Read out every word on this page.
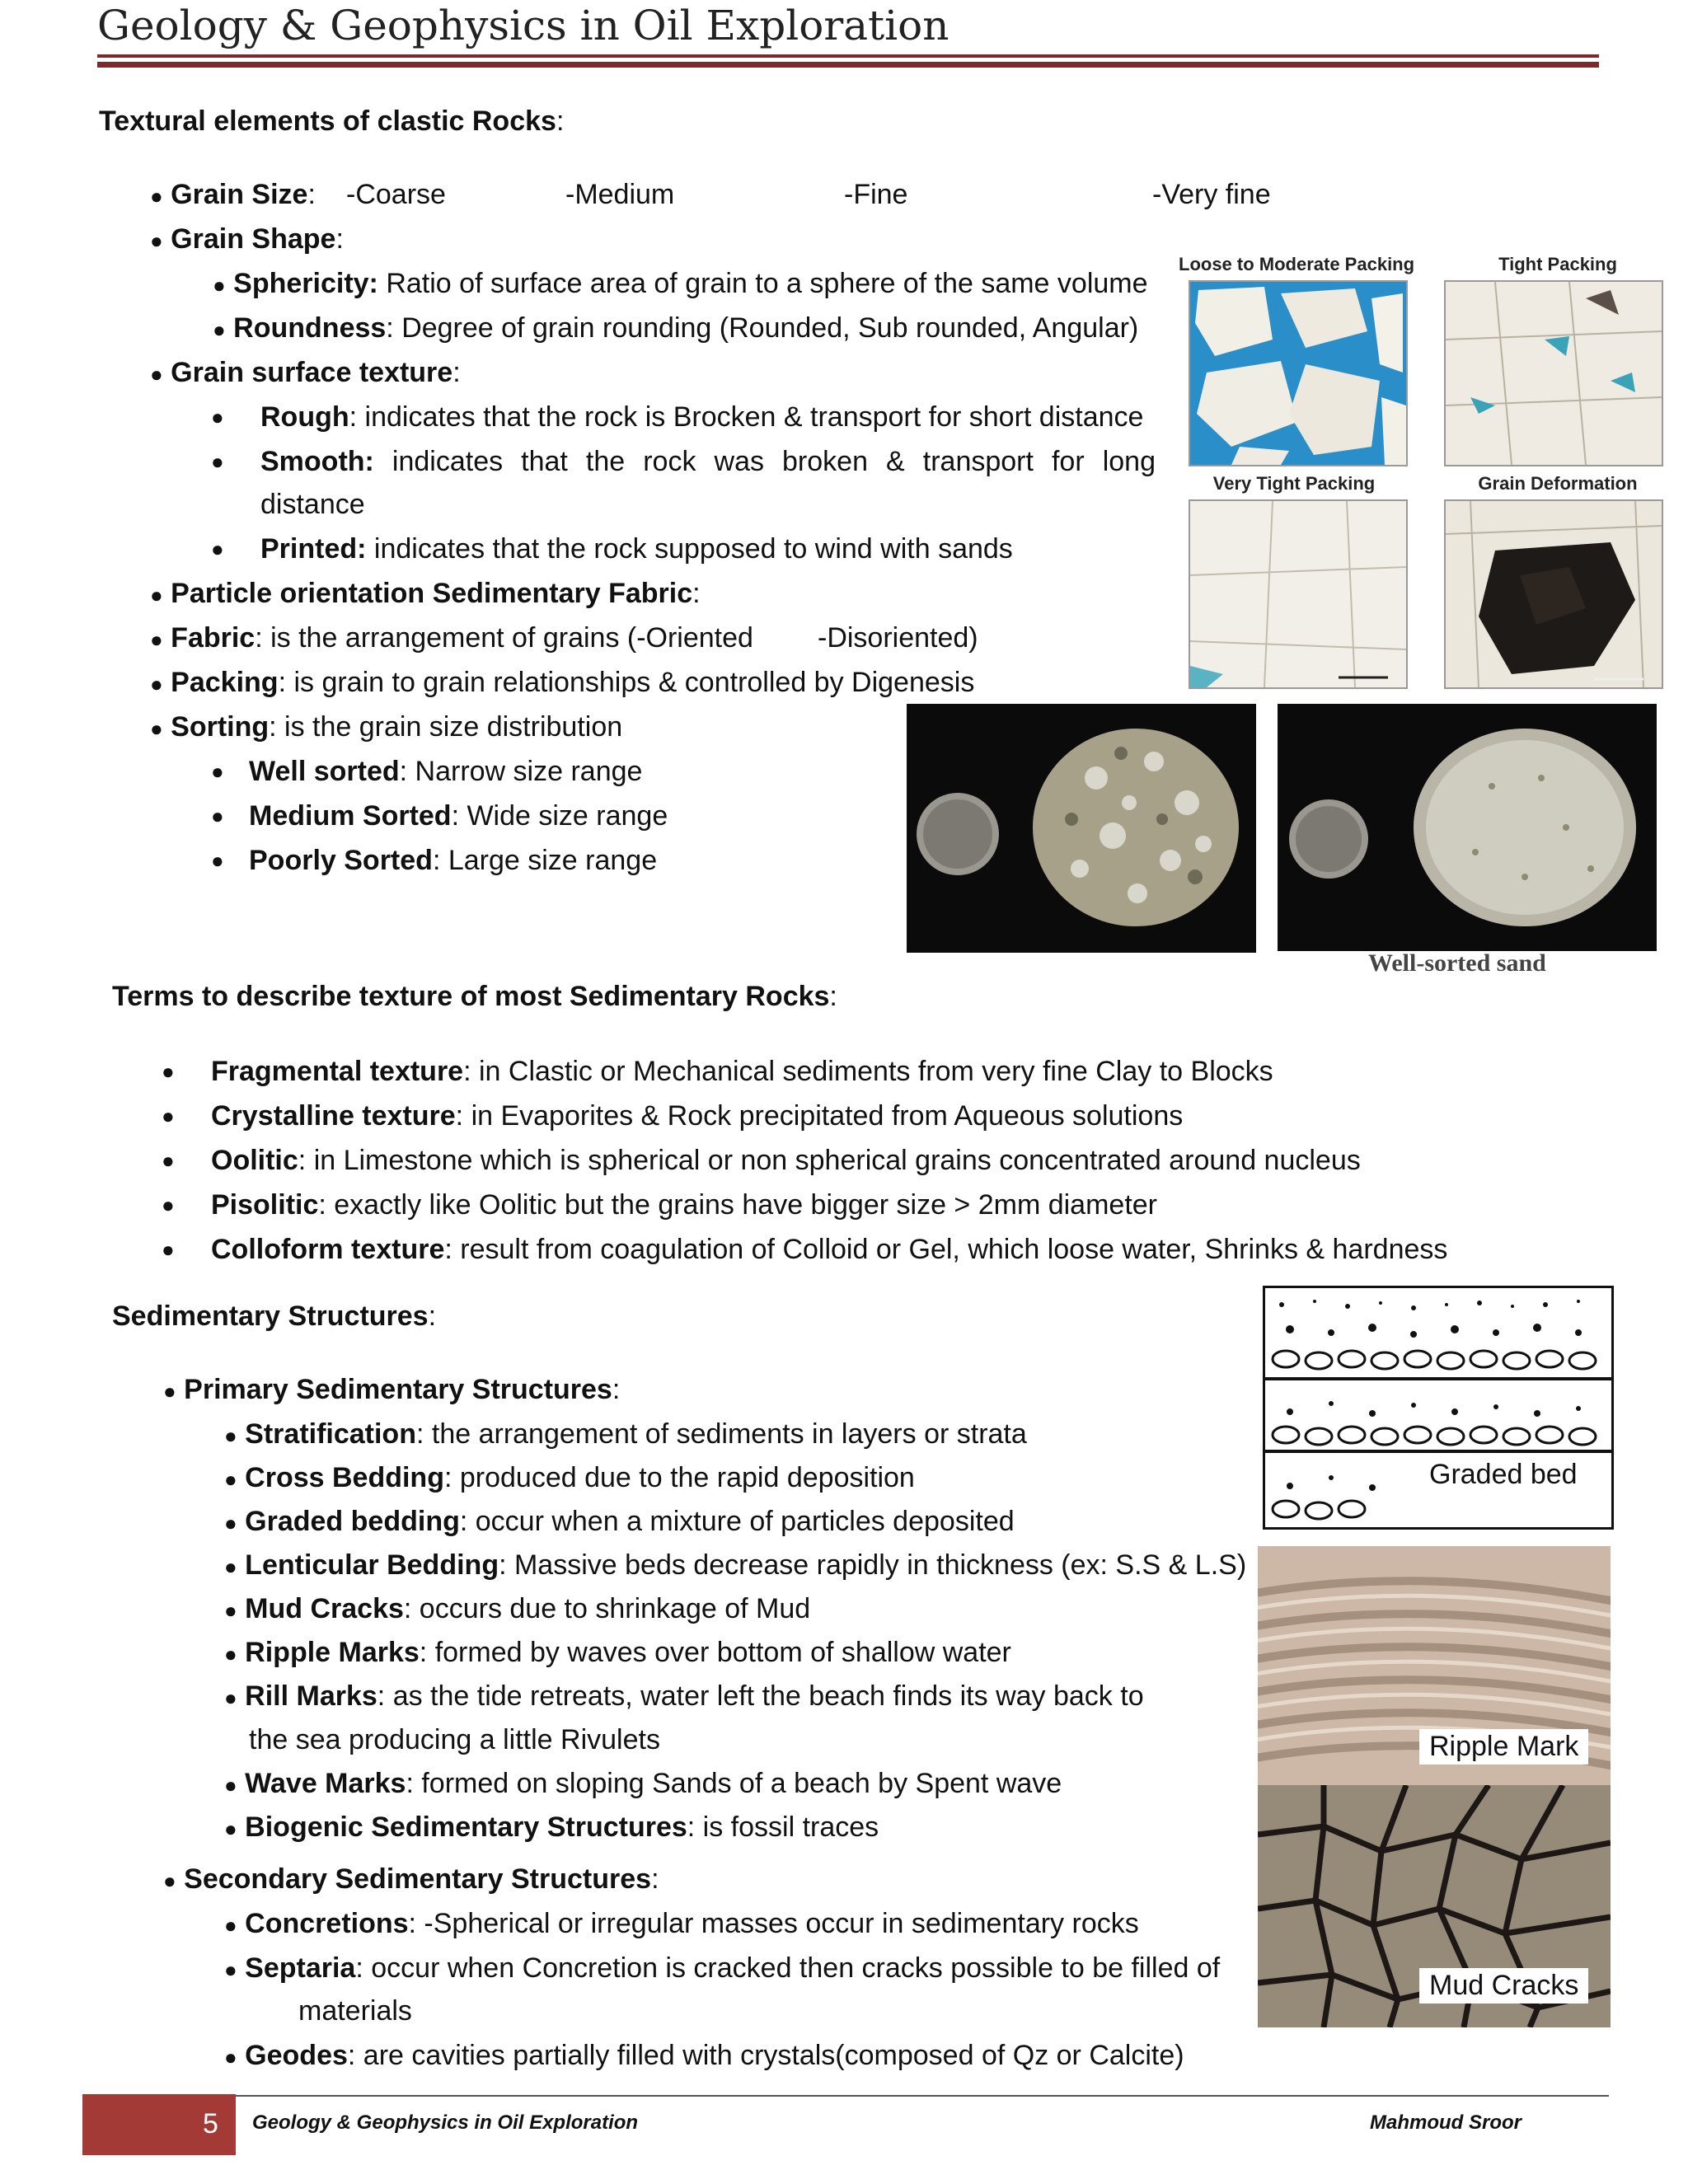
Geology & Geophysics in Oil Exploration
Textural elements of clastic Rocks:
● Grain Size: -Coarse	-Medium	-Fine	-Very fine
● Grain Shape:
● Sphericity: Ratio of surface area of grain to a sphere of the same volume
● Roundness: Degree of grain rounding (Rounded, Sub rounded, Angular)
● Grain surface texture:
● Rough: indicates that the rock is Brocken & transport for short distance
● Smooth: indicates that the rock was broken & transport for long
distance
● Printed: indicates that the rock supposed to wind with sands
● Particle orientation Sedimentary Fabric:
● Fabric: is the arrangement of grains (-Oriented -Disoriented)
● Packing: is grain to grain relationships & controlled by Digenesis
● Sorting: is the grain size distribution
● Well sorted: Narrow size range
● Medium Sorted: Wide size range
● Poorly Sorted: Large size range
Loose to Moderate Packing	Tight Packing
Very Tight Packing	Grain Deformation
Well-sorted sand
Terms to describe texture of most Sedimentary Rocks:
● Fragmental texture: in Clastic or Mechanical sediments from very fine Clay to Blocks
● Crystalline texture: in Evaporites & Rock precipitated from Aqueous solutions
● Oolitic: in Limestone which is spherical or non spherical grains concentrated around nucleus
● Pisolitic: exactly like Oolitic but the grains have bigger size > 2mm diameter
● Colloform texture: result from coagulation of Colloid or Gel, which loose water, Shrinks & hardness
Sedimentary Structures:
● Primary Sedimentary Structures:
● Stratification: the arrangement of sediments in layers or strata
● Cross Bedding: produced due to the rapid deposition
● Graded bedding: occur when a mixture of particles deposited
● Lenticular Bedding: Massive beds decrease rapidly in thickness (ex: S.S & L.S)
● Mud Cracks: occurs due to shrinkage of Mud
● Ripple Marks: formed by waves over bottom of shallow water
● Rill Marks: as the tide retreats, water left the beach finds its way back to
the sea producing a little Rivulets
● Wave Marks: formed on sloping Sands of a beach by Spent wave
● Biogenic Sedimentary Structures: is fossil traces
● Secondary Sedimentary Structures:
● Concretions: -Spherical or irregular masses occur in sedimentary rocks
● Septaria: occur when Concretion is cracked then cracks possible to be filled of
materials
● Geodes: are cavities partially filled with crystals(composed of Qz or Calcite)
Graded bed
Ripple Mark
Mud Cracks
5 Geology & Geophysics in Oil Exploration	Mahmoud Sroor
